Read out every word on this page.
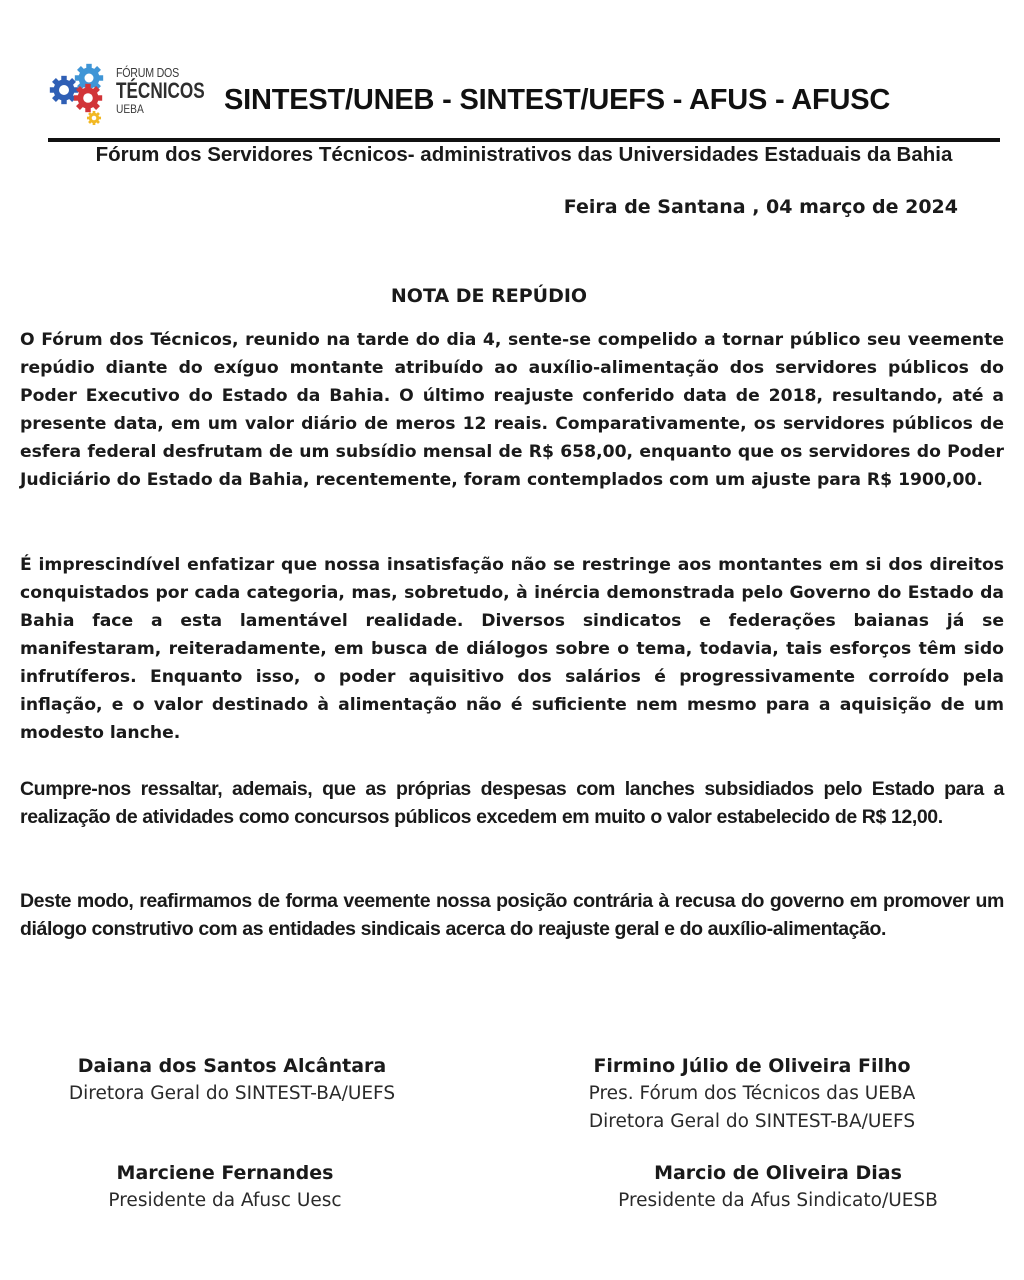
FÓRUM DOS
TÉCNICOS
UEBA	SINTEST/UNEB - SINTEST/UEFS - AFUS - AFUSC
Fórum dos Servidores Técnicos- administrativos das Universidades Estaduais da Bahia
Feira de Santana , 04 março de 2024
NOTA DE REPÚDIO

O Fórum dos Técnicos, reunido na tarde do dia 4, sente-se compelido a tornar público seu veemente repúdio diante do exíguo montante atribuído ao auxílio-alimentação dos servidores públicos do Poder Executivo do Estado da Bahia. O último reajuste conferido data de 2018, resultando, até a presente data, em um valor diário de meros 12 reais. Comparativamente, os servidores públicos de esfera federal desfrutam de um subsídio mensal de R$ 658,00, enquanto que os servidores do Poder Judiciário do Estado da Bahia, recentemente, foram contemplados com um ajuste para R$ 1900,00.

É imprescindível enfatizar que nossa insatisfação não se restringe aos montantes em si dos direitos conquistados por cada categoria, mas, sobretudo, à inércia demonstrada pelo Governo do Estado da Bahia face a esta lamentável realidade. Diversos sindicatos e federações baianas já se manifestaram, reiteradamente, em busca de diálogos sobre o tema, todavia, tais esforços têm sido infrutíferos. Enquanto isso, o poder aquisitivo dos salários é progressivamente corroído pela inflação, e o valor destinado à alimentação não é suficiente nem mesmo para a aquisição de um modesto lanche.

Cumpre-nos ressaltar, ademais, que as próprias despesas com lanches subsidiados pelo Estado para a realização de atividades como concursos públicos excedem em muito o valor estabelecido de R$ 12,00.

Deste modo, reafirmamos de forma veemente nossa posição contrária à recusa do governo em promover um diálogo construtivo com as entidades sindicais acerca do reajuste geral e do auxílio-alimentação.

Daiana dos Santos Alcântara
Diretora Geral do SINTEST-BA/UEFS
Firmino Júlio de Oliveira Filho
Pres. Fórum dos Técnicos das UEBA
Diretora Geral do SINTEST-BA/UEFS
Marciene Fernandes
Presidente da Afusc Uesc
Marcio de Oliveira Dias
Presidente da Afus Sindicato/UESB
